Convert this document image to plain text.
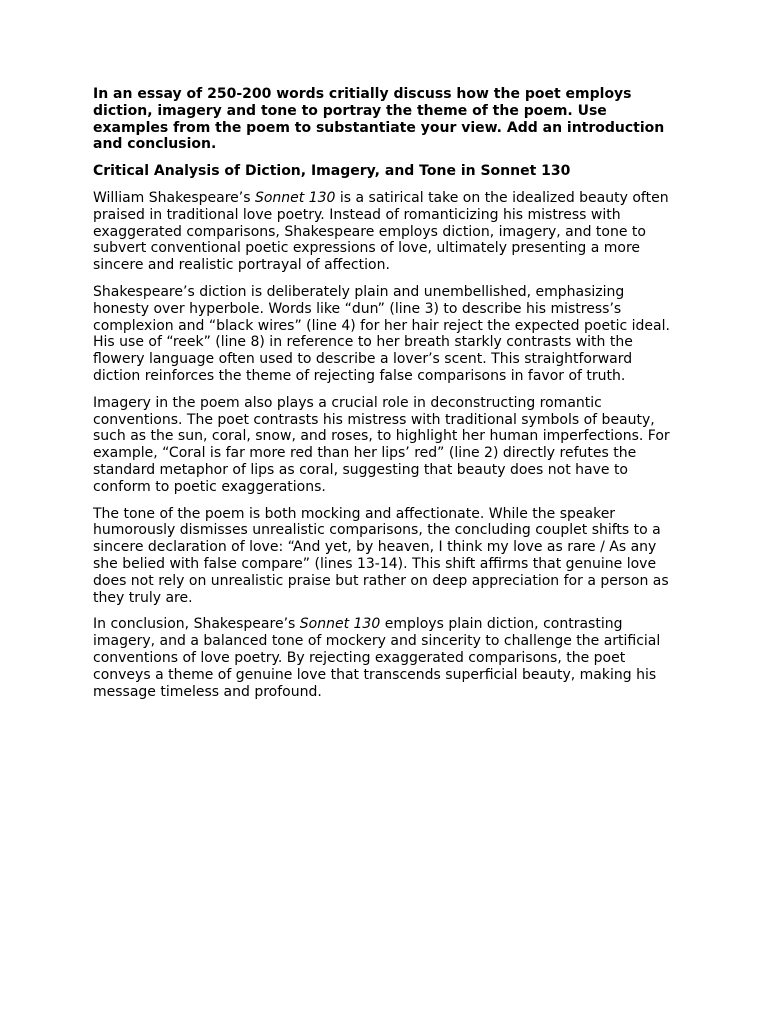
In an essay of 250-200 words critially discuss how the poet employs diction, imagery and tone to portray the theme of the poem. Use examples from the poem to substantiate your view. Add an introduction and conclusion.

Critical Analysis of Diction, Imagery, and Tone in Sonnet 130

William Shakespeare’s Sonnet 130 is a satirical take on the idealized beauty often praised in traditional love poetry. Instead of romanticizing his mistress with exaggerated comparisons, Shakespeare employs diction, imagery, and tone to subvert conventional poetic expressions of love, ultimately presenting a more sincere and realistic portrayal of affection.

Shakespeare’s diction is deliberately plain and unembellished, emphasizing honesty over hyperbole. Words like “dun” (line 3) to describe his mistress’s complexion and “black wires” (line 4) for her hair reject the expected poetic ideal. His use of “reek” (line 8) in reference to her breath starkly contrasts with the flowery language often used to describe a lover’s scent. This straightforward diction reinforces the theme of rejecting false comparisons in favor of truth.

Imagery in the poem also plays a crucial role in deconstructing romantic conventions. The poet contrasts his mistress with traditional symbols of beauty, such as the sun, coral, snow, and roses, to highlight her human imperfections. For example, “Coral is far more red than her lips’ red” (line 2) directly refutes the standard metaphor of lips as coral, suggesting that beauty does not have to conform to poetic exaggerations.

The tone of the poem is both mocking and affectionate. While the speaker humorously dismisses unrealistic comparisons, the concluding couplet shifts to a sincere declaration of love: “And yet, by heaven, I think my love as rare / As any she belied with false compare” (lines 13-14). This shift affirms that genuine love does not rely on unrealistic praise but rather on deep appreciation for a person as they truly are.

In conclusion, Shakespeare’s Sonnet 130 employs plain diction, contrasting imagery, and a balanced tone of mockery and sincerity to challenge the artificial conventions of love poetry. By rejecting exaggerated comparisons, the poet conveys a theme of genuine love that transcends superficial beauty, making his message timeless and profound.
